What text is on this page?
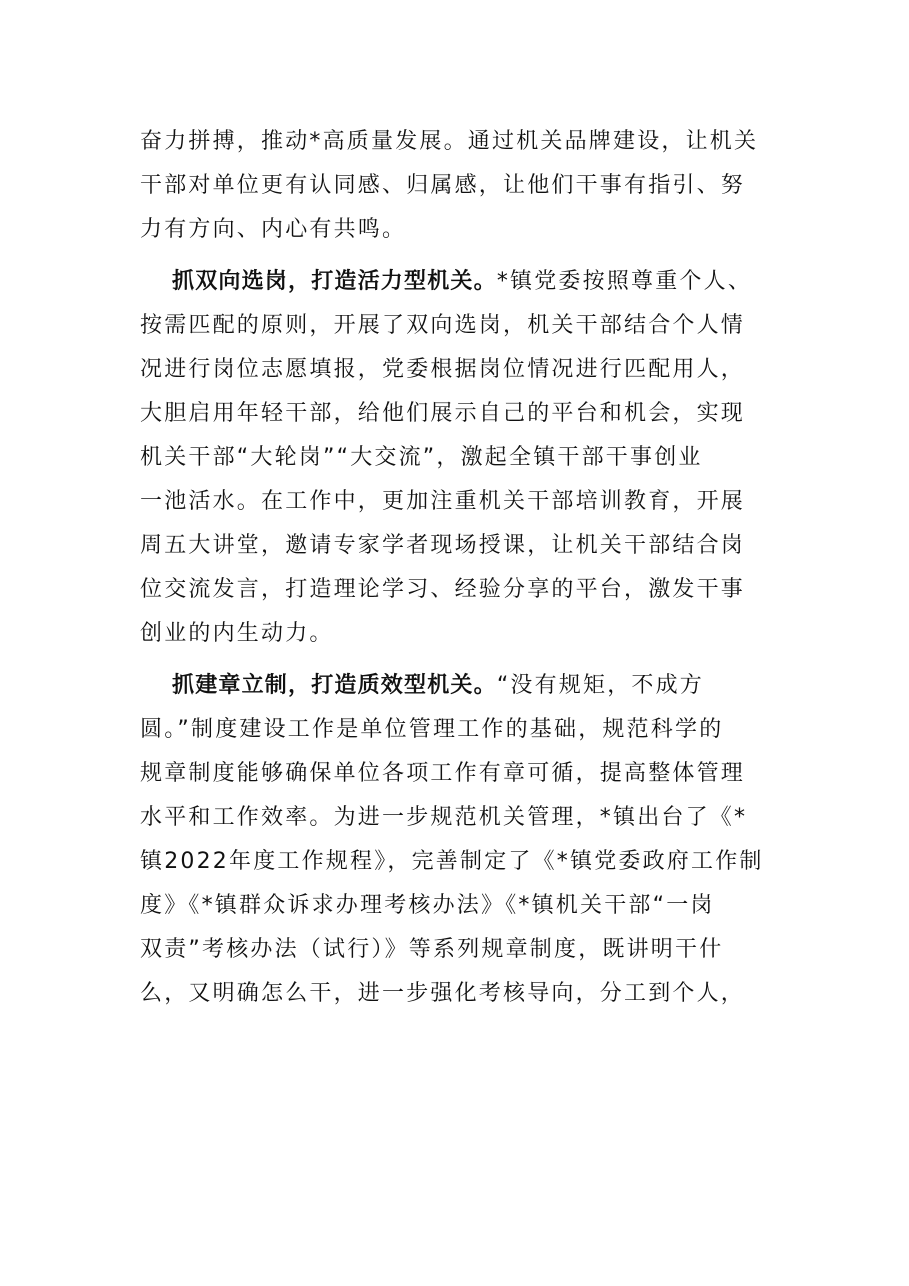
奋力拼搏，推动*高质量发展。通过机关品牌建设，让机关
干部对单位更有认同感、归属感，让他们干事有指引、努
力有方向、内心有共鸣。
抓双向选岗，打造活力型机关。*镇党委按照尊重个人、
按需匹配的原则，开展了双向选岗，机关干部结合个人情
况进行岗位志愿填报，党委根据岗位情况进行匹配用人，
大胆启用年轻干部，给他们展示自己的平台和机会，实现
机关干部“大轮岗”“大交流”，激起全镇干部干事创业
一池活水。在工作中，更加注重机关干部培训教育，开展
周五大讲堂，邀请专家学者现场授课，让机关干部结合岗
位交流发言，打造理论学习、经验分享的平台，激发干事
创业的内生动力。
抓建章立制，打造质效型机关。“没有规矩，不成方
圆。”制度建设工作是单位管理工作的基础，规范科学的
规章制度能够确保单位各项工作有章可循，提高整体管理
水平和工作效率。为进一步规范机关管理，*镇出台了《*
镇2022年度工作规程》，完善制定了《*镇党委政府工作制
度》《*镇群众诉求办理考核办法》《*镇机关干部“一岗
双责”考核办法（试行）》等系列规章制度，既讲明干什
么，又明确怎么干，进一步强化考核导向，分工到个人，
